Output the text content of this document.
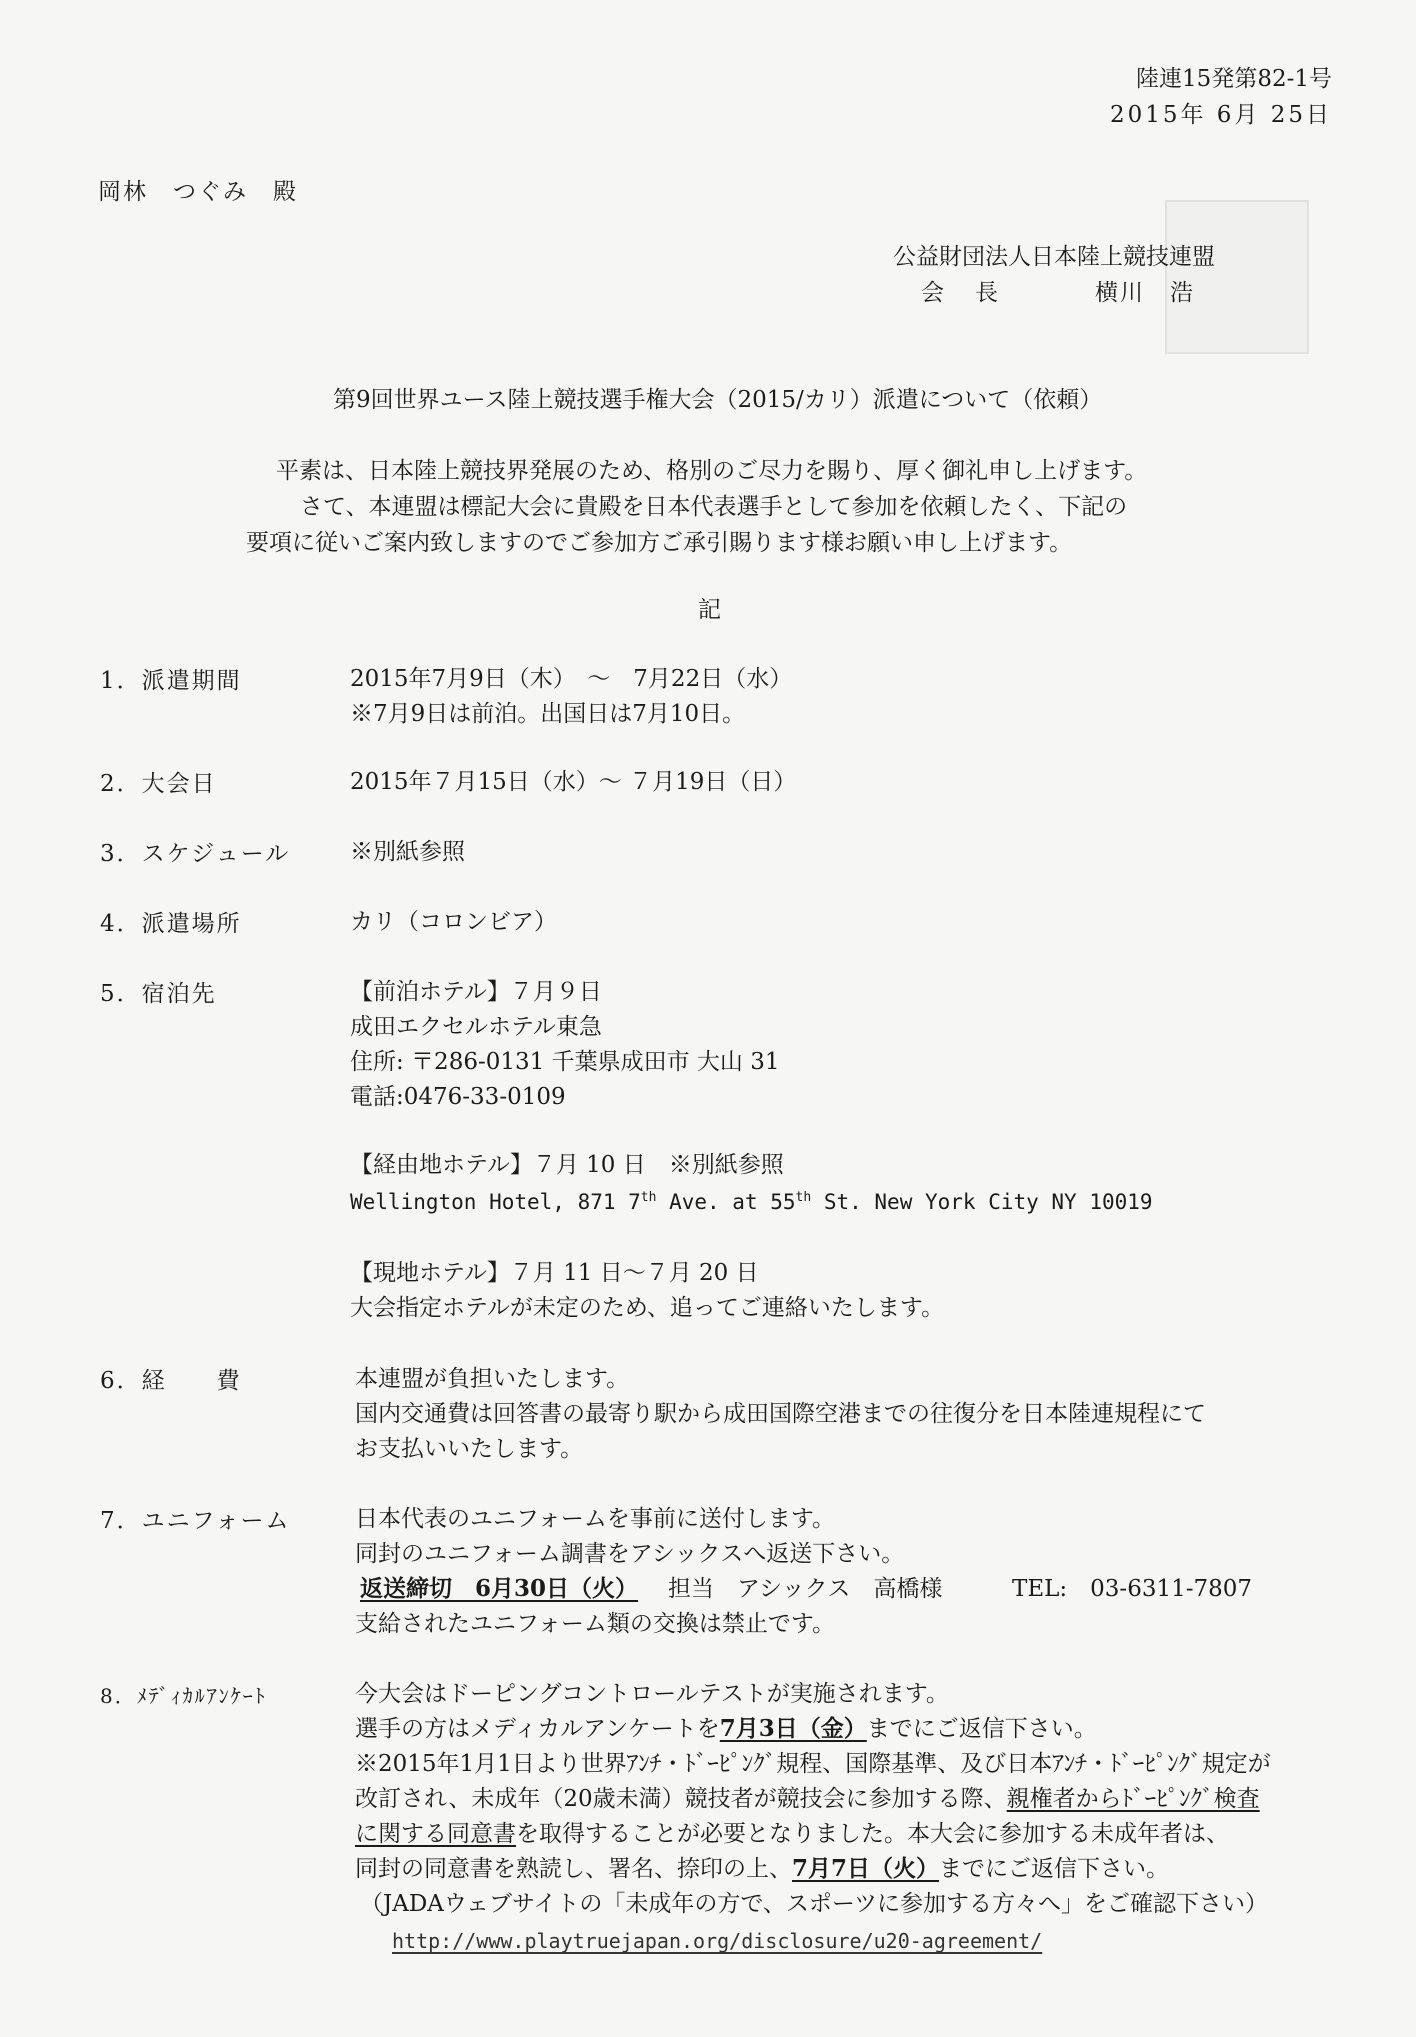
陸連15発第82-1号
2015年 6月 25日
岡林　つぐみ　殿
公益財団法人日本陸上競技連盟
会　長	横川　浩
第9回世界ユース陸上競技選手権大会（2015/カリ）派遣について（依頼）
平素は、日本陸上競技界発展のため、格別のご尽力を賜り、厚く御礼申し上げます。
さて、本連盟は標記大会に貴殿を日本代表選手として参加を依頼したく、下記の
要項に従いご案内致しますのでご参加方ご承引賜ります様お願い申し上げます。
記
1．派遣期間	2015年7月9日（木）　～　7月22日（水）
※7月9日は前泊。出国日は7月10日。
2．大会日	2015年７月15日（水）～ ７月19日（日）
3．スケジュール	※別紙参照
4．派遣場所	カリ（コロンビア）
5．宿泊先	【前泊ホテル】７月９日
成田エクセルホテル東急
住所: 〒286-0131 千葉県成田市 大山 31
電話:0476-33-0109
【経由地ホテル】７月 10 日　※別紙参照
Wellington Hotel, 871 7th Ave. at 55th St. New York City NY 10019
【現地ホテル】７月 11 日～７月 20 日
大会指定ホテルが未定のため、追ってご連絡いたします。
6．経　　費	本連盟が負担いたします。
国内交通費は回答書の最寄り駅から成田国際空港までの往復分を日本陸連規程にて
お支払いいたします。
7．ユニフォーム	日本代表のユニフォームを事前に送付します。
同封のユニフォーム調書をアシックスへ返送下さい。
返送締切　6月30日（火） 担当　アシックス　高橋様	TEL:　03-6311-7807
支給されたユニフォーム類の交換は禁止です。
8．ﾒﾃﾞｨｶﾙｱﾝｹｰﾄ	今大会はドーピングコントロールテストが実施されます。
選手の方はメディカルアンケートを7月3日（金）までにご返信下さい。
※2015年1月1日より世界ｱﾝﾁ・ﾄﾞｰﾋﾟﾝｸﾞ規程、国際基準、及び日本ｱﾝﾁ・ﾄﾞｰﾋﾟﾝｸﾞ規定が
改訂され、未成年（20歳未満）競技者が競技会に参加する際、親権者からﾄﾞｰﾋﾟﾝｸﾞ検査
に関する同意書を取得することが必要となりました。本大会に参加する未成年者は、
同封の同意書を熟読し、署名、捺印の上、7月7日（火）までにご返信下さい。
（JADAウェブサイトの「未成年の方で、スポーツに参加する方々へ」をご確認下さい）
http://www.playtruejapan.org/disclosure/u20-agreement/
